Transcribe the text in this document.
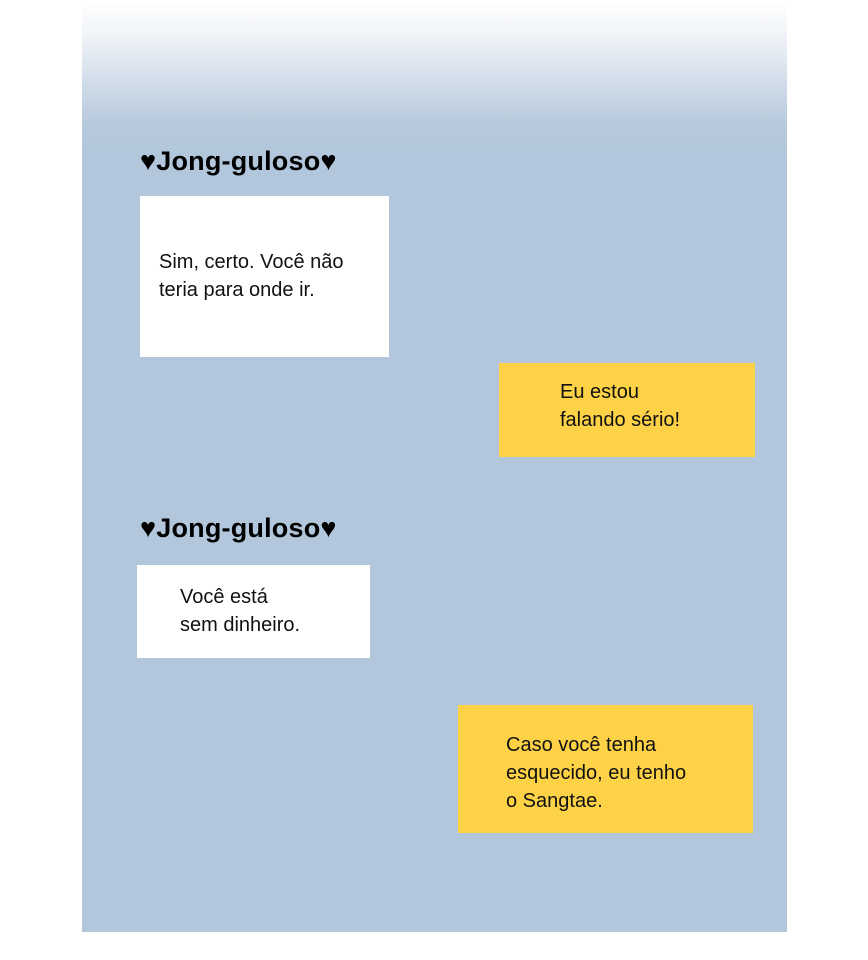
♥Jong-guloso♥
Sim, certo. Você não
teria para onde ir.
Eu estou
falando sério!
♥Jong-guloso♥
Você está
sem dinheiro.
Caso você tenha
esquecido, eu tenho
o Sangtae.
